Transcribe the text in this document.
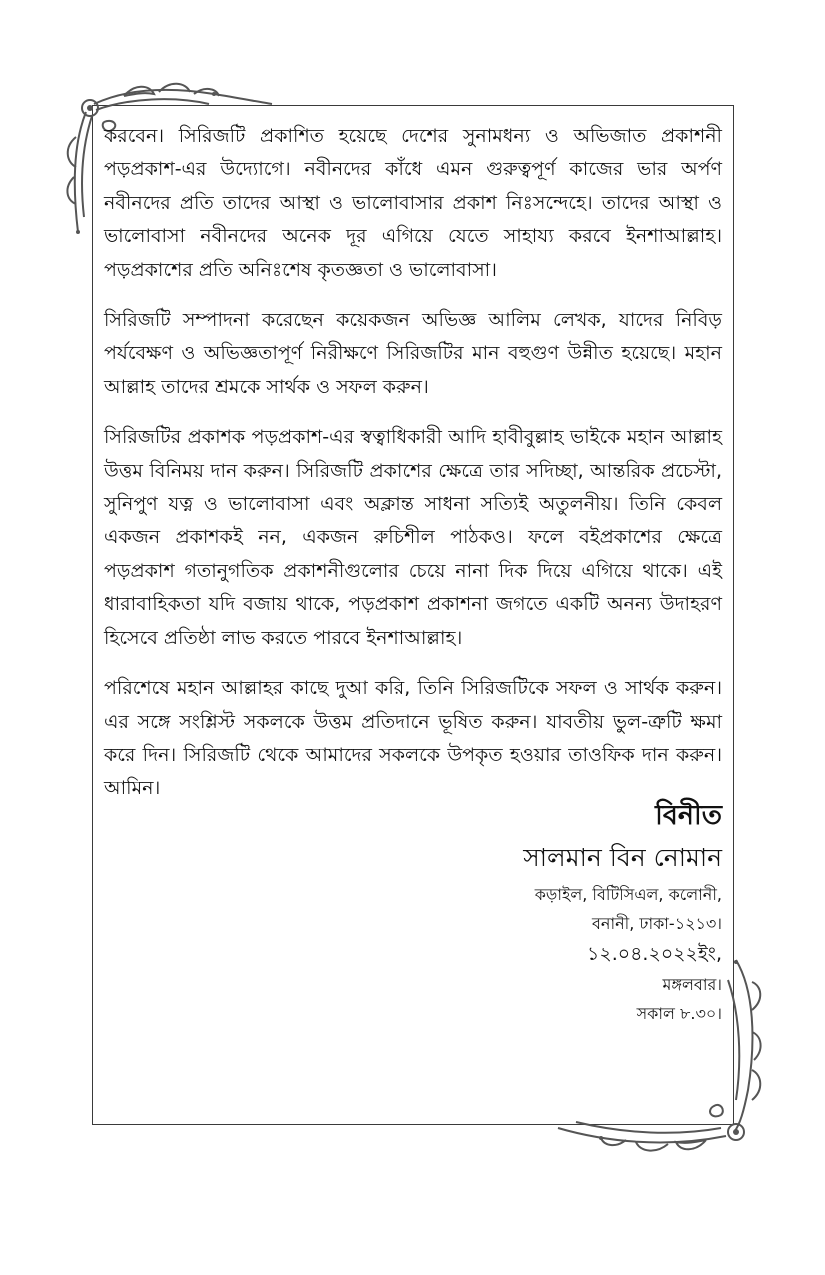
করবেন। সিরিজটি প্রকাশিত হয়েছে দেশের সুনামধন্য ও অভিজাত প্রকাশনী পড়প্রকাশ-এর উদ্যোগে। নবীনদের কাঁধে এমন গুরুত্বপূর্ণ কাজের ভার অর্পণ নবীনদের প্রতি তাদের আস্থা ও ভালোবাসার প্রকাশ নিঃসন্দেহে। তাদের আস্থা ও ভালোবাসা নবীনদের অনেক দূর এগিয়ে যেতে সাহায্য করবে ইনশাআল্লাহ। পড়প্রকাশের প্রতি অনিঃশেষ কৃতজ্ঞতা ও ভালোবাসা।

সিরিজটি সম্পাদনা করেছেন কয়েকজন অভিজ্ঞ আলিম লেখক, যাদের নিবিড় পর্যবেক্ষণ ও অভিজ্ঞতাপূর্ণ নিরীক্ষণে সিরিজটির মান বহুগুণ উন্নীত হয়েছে। মহান আল্লাহ তাদের শ্রমকে সার্থক ও সফল করুন।

সিরিজটির প্রকাশক পড়প্রকাশ-এর স্বত্বাধিকারী আদি হাবীবুল্লাহ ভাইকে মহান আল্লাহ উত্তম বিনিময় দান করুন। সিরিজটি প্রকাশের ক্ষেত্রে তার সদিচ্ছা, আন্তরিক প্রচেস্টা, সুনিপুণ যত্ন ও ভালোবাসা এবং অক্লান্ত সাধনা সত্যিই অতুলনীয়। তিনি কেবল একজন প্রকাশকই নন, একজন রুচিশীল পাঠকও। ফলে বইপ্রকাশের ক্ষেত্রে পড়প্রকাশ গতানুগতিক প্রকাশনীগুলোর চেয়ে নানা দিক দিয়ে এগিয়ে থাকে। এই ধারাবাহিকতা যদি বজায় থাকে, পড়প্রকাশ প্রকাশনা জগতে একটি অনন্য উদাহরণ হিসেবে প্রতিষ্ঠা লাভ করতে পারবে ইনশাআল্লাহ।

পরিশেষে মহান আল্লাহর কাছে দুআ করি, তিনি সিরিজটিকে সফল ও সার্থক করুন। এর সঙ্গে সংশ্লিস্ট সকলকে উত্তম প্রতিদানে ভূষিত করুন। যাবতীয় ভুল-ত্রুটি ক্ষমা করে দিন। সিরিজটি থেকে আমাদের সকলকে উপকৃত হওয়ার তাওফিক দান করুন। আমিন।

বিনীত
সালমান বিন নোমান
কড়াইল, বিটিসিএল, কলোনী,
বনানী, ঢাকা-১২১৩।
১২.০৪.২০২২ইং,
মঙ্গলবার।
সকাল ৮.৩০।
